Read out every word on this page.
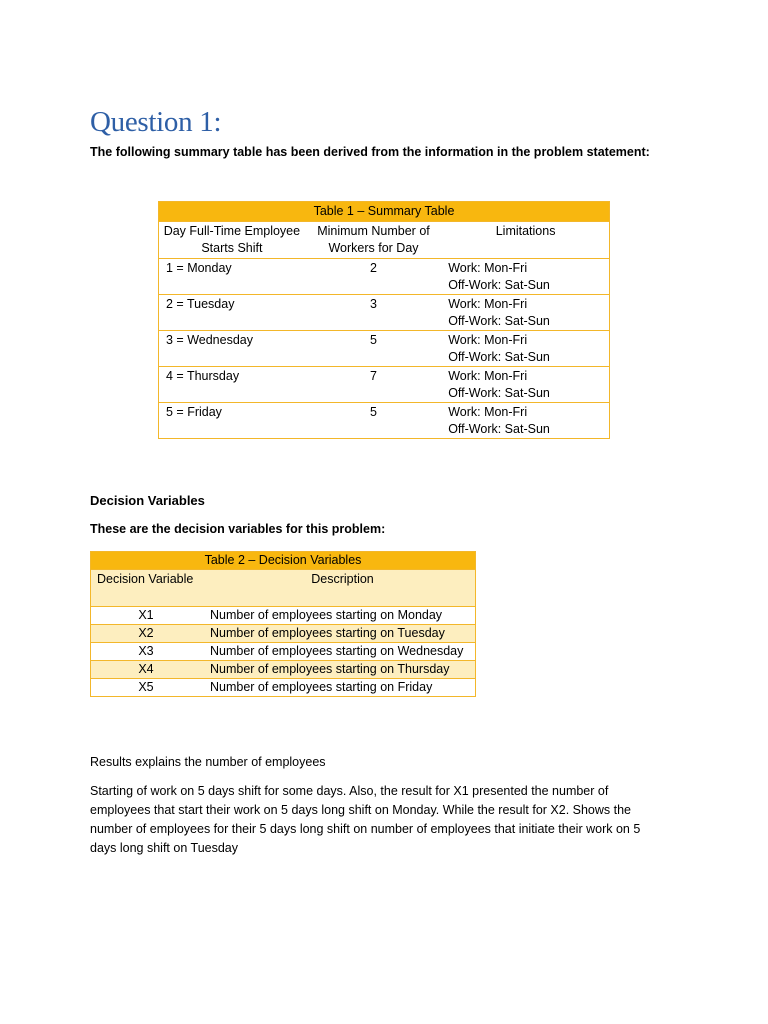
Question 1:
The following summary table has been derived from the information in the problem statement:
Table 1 – Summary Table		
Day Full-Time Employee Starts Shift	Minimum Number of Workers for Day	Limitations
1 = Monday	2	Work: Mon-Fri
Off-Work: Sat-Sun
2 = Tuesday	3	Work: Mon-Fri
Off-Work: Sat-Sun
3 = Wednesday	5	Work: Mon-Fri
Off-Work: Sat-Sun
4 = Thursday	7	Work: Mon-Fri
Off-Work: Sat-Sun
5 = Friday	5	Work: Mon-Fri
Off-Work: Sat-Sun
Decision Variables
These are the decision variables for this problem:
Table 2 – Decision Variables	
Decision Variable	Description
X1	Number of employees starting on Monday
X2	Number of employees starting on Tuesday
X3	Number of employees starting on Wednesday
X4	Number of employees starting on Thursday
X5	Number of employees starting on Friday
Results explains the number of employees
Starting of work on 5 days shift for some days. Also, the result for X1 presented the number of employees that start their work on 5 days long shift on Monday. While the result for X2. Shows the number of employees for their 5 days long shift on number of employees that initiate their work on 5 days long shift on Tuesday
